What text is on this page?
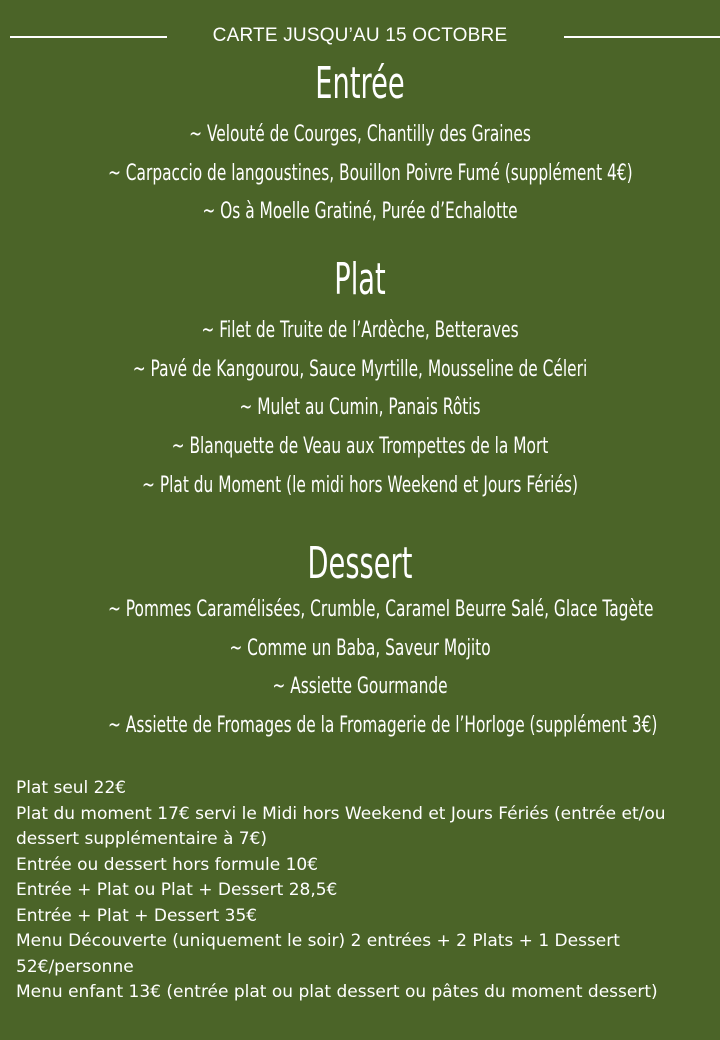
CARTE JUSQU’AU 15 OCTOBRE
Entrée
~ Velouté de Courges, Chantilly des Graines
~ Carpaccio de langoustines, Bouillon Poivre Fumé (supplément 4€)
~ Os à Moelle Gratiné, Purée d’Echalotte
Plat
~ Filet de Truite de l’Ardèche, Betteraves
~ Pavé de Kangourou, Sauce Myrtille, Mousseline de Céleri
~ Mulet au Cumin, Panais Rôtis
~ Blanquette de Veau aux Trompettes de la Mort
~ Plat du Moment (le midi hors Weekend et Jours Fériés)
Dessert
~ Pommes Caramélisées, Crumble, Caramel Beurre Salé, Glace Tagète
~ Comme un Baba, Saveur Mojito
~ Assiette Gourmande
~ Assiette de Fromages de la Fromagerie de l’Horloge (supplément 3€)
Plat seul 22€
Plat du moment 17€ servi le Midi hors Weekend et Jours Fériés (entrée et/ou dessert supplémentaire à 7€)
Entrée ou dessert hors formule 10€
Entrée + Plat ou Plat + Dessert 28,5€
Entrée + Plat + Dessert 35€
Menu Découverte (uniquement le soir) 2 entrées + 2 Plats + 1 Dessert 52€/personne
Menu enfant 13€ (entrée plat ou plat dessert ou pâtes du moment dessert)
